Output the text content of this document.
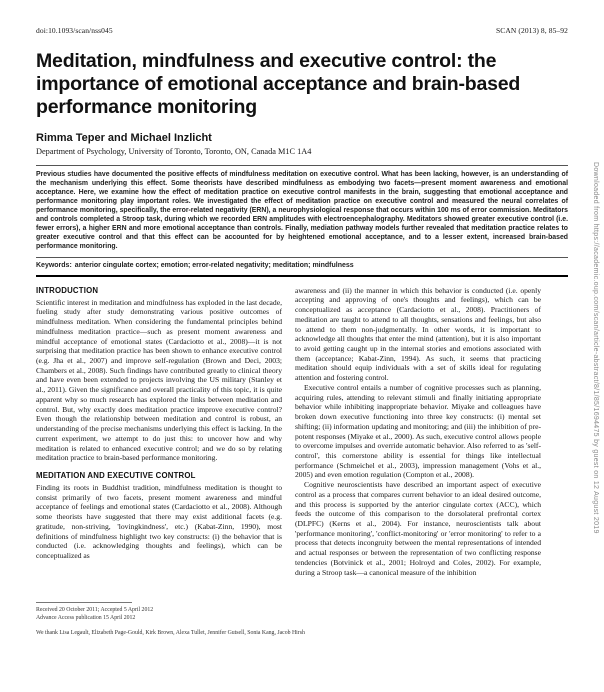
doi:10.1093/scan/nss045	SCAN (2013) 8, 85–92
Meditation, mindfulness and executive control: the importance of emotional acceptance and brain-based performance monitoring
Rimma Teper and Michael Inzlicht
Department of Psychology, University of Toronto, Toronto, ON, Canada M1C 1A4

Previous studies have documented the positive effects of mindfulness meditation on executive control. What has been lacking, however, is an understanding of the mechanism underlying this effect. Some theorists have described mindfulness as embodying two facets—present moment awareness and emotional acceptance. Here, we examine how the effect of meditation practice on executive control manifests in the brain, suggesting that emotional acceptance and performance monitoring play important roles. We investigated the effect of meditation practice on executive control and measured the neural correlates of performance monitoring, specifically, the error-related negativity (ERN), a neurophysiological response that occurs within 100 ms of error commission. Meditators and controls completed a Stroop task, during which we recorded ERN amplitudes with electroencephalography. Meditators showed greater executive control (i.e. fewer errors), a higher ERN and more emotional acceptance than controls. Finally, mediation pathway models further revealed that meditation practice relates to greater executive control and that this effect can be accounted for by heightened emotional acceptance, and to a lesser extent, increased brain-based performance monitoring.

Keywords: anterior cingulate cortex; emotion; error-related negativity; meditation; mindfulness

INTRODUCTION

Scientific interest in meditation and mindfulness has exploded in the last decade, fueling study after study demonstrating various positive outcomes of mindfulness meditation. When considering the fundamental principles behind mindfulness meditation practice—such as present moment awareness and mindful acceptance of emotional states (Cardaciotto et al., 2008)—it is not surprising that meditation practice has been shown to enhance executive control (e.g. Jha et al., 2007) and improve self-regulation (Brown and Deci, 2003; Chambers et al., 2008). Such findings have contributed greatly to clinical theory and have even been extended to projects involving the US military (Stanley et al., 2011). Given the significance and overall practicality of this topic, it is quite apparent why so much research has explored the links between meditation and control. But, why exactly does meditation practice improve executive control? Even though the relationship between meditation and control is robust, an understanding of the precise mechanisms underlying this effect is lacking. In the current experiment, we attempt to do just this: to uncover how and why meditation is related to enhanced executive control; and we do so by relating meditation practice to brain-based performance monitoring.

MEDITATION AND EXECUTIVE CONTROL

Finding its roots in Buddhist tradition, mindfulness meditation is thought to consist primarily of two facets, present moment awareness and mindful acceptance of feelings and emotional states (Cardaciotto et al., 2008). Although some theorists have suggested that there may exist additional facets (e.g. gratitude, non-striving, 'lovingkindness', etc.) (Kabat-Zinn, 1990), most definitions of mindfulness highlight two key constructs: (i) the behavior that is conducted (i.e. acknowledging thoughts and feelings), which can be conceptualized as

Received 20 October 2011; Accepted 5 April 2012
Advance Access publication 15 April 2012
We thank Lisa Legault, Elizabeth Page-Gould, Kirk Brown, Alexa Tullet, Jennifer Gutsell, Sonia Kang, Jacob Hirsh

awareness and (ii) the manner in which this behavior is conducted (i.e. openly accepting and approving of one's thoughts and feelings), which can be conceptualized as acceptance (Cardaciotto et al., 2008). Practitioners of meditation are taught to attend to all thoughts, sensations and feelings, but also to attend to them non-judgmentally. In other words, it is important to acknowledge all thoughts that enter the mind (attention), but it is also important to avoid getting caught up in the internal stories and emotions associated with them (acceptance; Kabat-Zinn, 1994). As such, it seems that practicing meditation should equip individuals with a set of skills ideal for regulating attention and fostering control.

Executive control entails a number of cognitive processes such as planning, acquiring rules, attending to relevant stimuli and finally initiating appropriate behavior while inhibiting inappropriate behavior. Miyake and colleagues have broken down executive functioning into three key constructs: (i) mental set shifting; (ii) information updating and monitoring; and (iii) the inhibition of pre-potent responses (Miyake et al., 2000). As such, executive control allows people to overcome impulses and override automatic behavior. Also referred to as 'self-control', this cornerstone ability is essential for things like intellectual performance (Schmeichel et al., 2003), impression management (Vohs et al., 2005) and even emotion regulation (Compton et al., 2008).

Cognitive neuroscientists have described an important aspect of executive control as a process that compares current behavior to an ideal desired outcome, and this process is supported by the anterior cingulate cortex (ACC), which feeds the outcome of this comparison to the dorsolateral prefrontal cortex (DLPFC) (Kerns et al., 2004). For instance, neuroscientists talk about 'performance monitoring', 'conflict-monitoring' or 'error monitoring' to refer to a process that detects incongruity between the mental representations of intended and actual responses or between the representation of two conflicting response tendencies (Botvinick et al., 2001; Holroyd and Coles, 2002). For example, during a Stroop task—a canonical measure of the inhibition

Downloaded from https://academic.oup.com/scan/article-abstract/8/1/85/1694475 by guest on 12 August 2019
